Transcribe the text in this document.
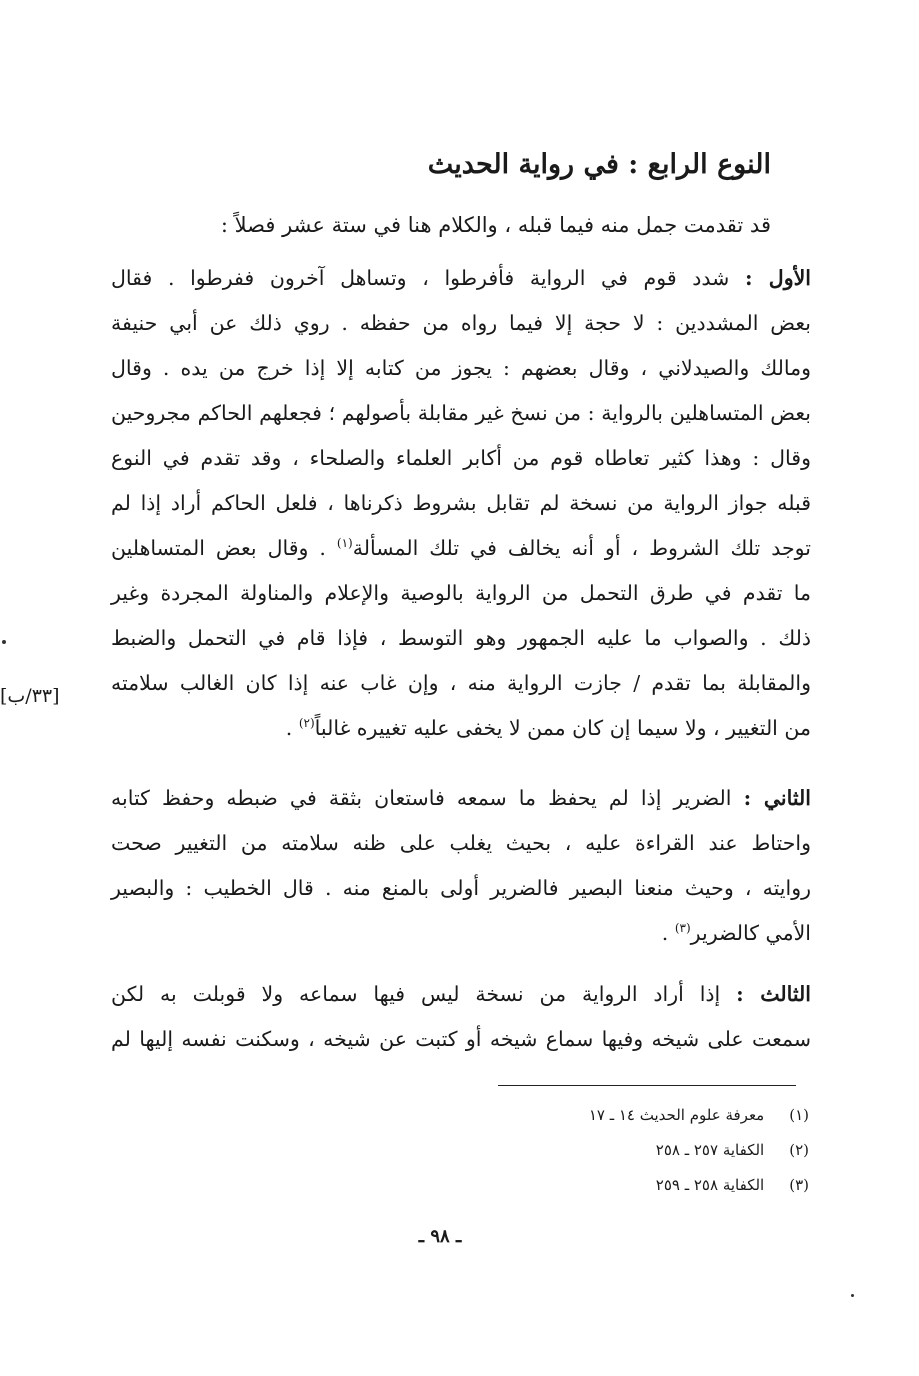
النوع الرابع : في رواية الحديث
قد تقدمت جمل منه فيما قبله ، والكلام هنا في ستة عشر فصلاً :
الأول : شدد قوم في الرواية فأفرطوا ، وتساهل آخرون ففرطوا . فقال
بعض المشددين : لا حجة إلا فيما رواه من حفظه . روي ذلك عن أبي حنيفة
ومالك والصيدلاني ، وقال بعضهم : يجوز من كتابه إلا إذا خرج من يده . وقال
بعض المتساهلين بالرواية : من نسخ غير مقابلة بأصولهم ؛ فجعلهم الحاكم مجروحين
وقال : وهذا كثير تعاطاه قوم من أكابر العلماء والصلحاء ، وقد تقدم في النوع
قبله جواز الرواية من نسخة لم تقابل بشروط ذكرناها ، فلعل الحاكم أراد إذا لم
توجد تلك الشروط ، أو أنه يخالف في تلك المسألة$^{(١)}$ . وقال بعض المتساهلين
ما تقدم في طرق التحمل من الرواية بالوصية والإعلام والمناولة المجردة وغير
ذلك . والصواب ما عليه الجمهور وهو التوسط ، فإذا قام في التحمل والضبط
والمقابلة بما تقدم / جازت الرواية منه ، وإن غاب عنه إذا كان الغالب سلامته
من التغيير ، ولا سيما إن كان ممن لا يخفى عليه تغييره غالباً$^{(٢)}$ .
[٣٣/ب]
الثاني : الضرير إذا لم يحفظ ما سمعه فاستعان بثقة في ضبطه وحفظ كتابه
واحتاط عند القراءة عليه ، بحيث يغلب على ظنه سلامته من التغيير صحت
روايته ، وحيث منعنا البصير فالضرير أولى بالمنع منه . قال الخطيب : والبصير
الأمي كالضرير$^{(٣)}$ .
الثالث : إذا أراد الرواية من نسخة ليس فيها سماعه ولا قوبلت به لكن
سمعت على شيخه وفيها سماع شيخه أو كتبت عن شيخه ، وسكنت نفسه إليها لم
(١) معرفة علوم الحديث ١٤ ـ ١٧
(٢) الكفاية ٢٥٧ ـ ٢٥٨
(٣) الكفاية ٢٥٨ ـ ٢٥٩
ـ ٩٨ ـ
